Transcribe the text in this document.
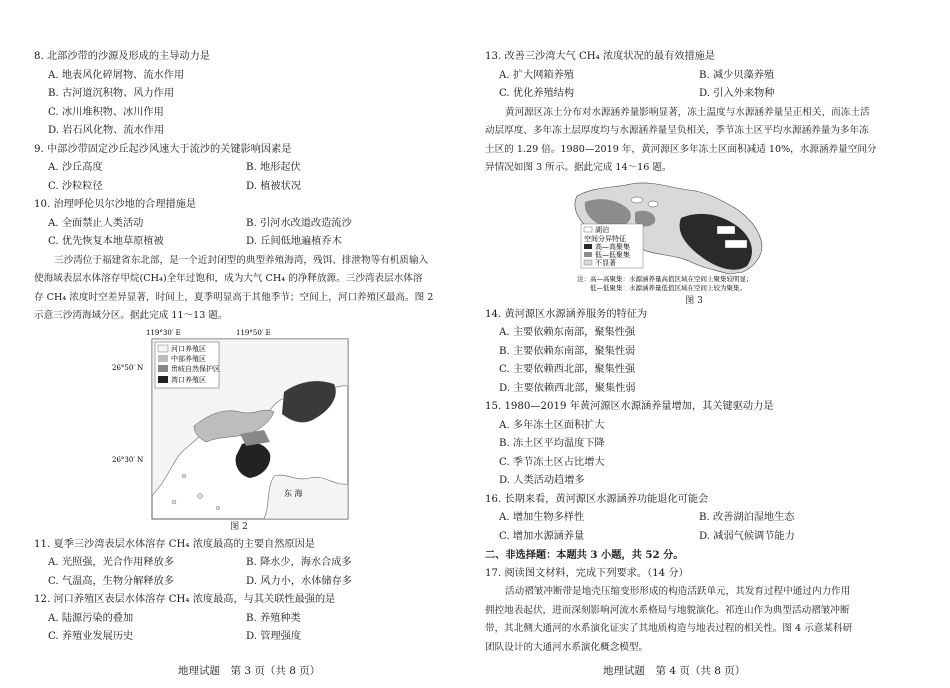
8. 北部沙带的沙源及形成的主导动力是
A. 地表风化碎屑物、流水作用
B. 古河道沉积物、风力作用
C. 冰川堆积物、冰川作用
D. 岩石风化物、流水作用
9. 中部沙带固定沙丘起沙风速大于流沙的关键影响因素是
A. 沙丘高度	B. 地形起伏
C. 沙粒粒径	D. 植被状况
10. 治理呼伦贝尔沙地的合理措施是
A. 全面禁止人类活动	B. 引河水改道改造流沙
C. 优先恢复本地草原植被	D. 丘间低地遍植乔木
三沙湾位于福建省东北部，是一个近封闭型的典型养殖海湾，残饵、排泄物等有机质输入
使海域表层水体溶存甲烷(CH₄)全年过饱和，成为大气 CH₄ 的净释放源。三沙湾表层水体溶
存 CH₄ 浓度时空差异显著，时间上，夏季明显高于其他季节；空间上，河口养殖区最高。图 2
示意三沙湾海域分区。据此完成 11～13 题。
119°30′ E	119°50′ E
26°50′ N
26°30′ N
东 海
河口养殖区
中部养殖区
贵岐自然保护区
湾口养殖区
图 2
11. 夏季三沙湾表层水体溶存 CH₄ 浓度最高的主要自然原因是
A. 光照强，光合作用释放多	B. 降水少，海水合成多
C. 气温高，生物分解释放多	D. 风力小，水体储存多
12. 河口养殖区表层水体溶存 CH₄ 浓度最高，与其关联性最强的是
A. 陆源污染的叠加	B. 养殖种类
C. 养殖业发展历史	D. 管理强度
地理试题　第 3 页（共 8 页）
13. 改善三沙湾大气 CH₄ 浓度状况的最有效措施是
A. 扩大网箱养殖	B. 减少贝藻养殖
C. 优化养殖结构	D. 引入外来物种
黄河源区冻土分布对水源涵养量影响显著，冻土温度与水源涵养量呈正相关，而冻土活
动层厚度、多年冻土层厚度均与水源涵养量呈负相关，季节冻土区平均水源涵养量为多年冻
土区的 1.29 倍。1980—2019 年，黄河源区多年冻土区面积减适 10%，水源涵养量空间分
异情况如图 3 所示。据此完成 14～16 题。
湖泊
空间分异特征
高—高聚集
低—低聚集
不显著
注：高—高聚集：水源涵养量高值区域在空间上聚集较明显；
　　低—低聚集：水源涵养量低值区域在空间上较为聚集。
图 3
14. 黄河源区水源涵养服务的特征为
A. 主要依赖东南部，聚集性强
B. 主要依赖东南部，聚集性弱
C. 主要依赖西北部，聚集性强
D. 主要依赖西北部，聚集性弱
15. 1980—2019 年黄河源区水源涵养量增加，其关键驱动力是
A. 多年冻土区面积扩大
B. 冻土区平均温度下降
C. 季节冻土区占比增大
D. 人类活动趋增多
16. 长期来看，黄河源区水源涵养功能退化可能会
A. 增加生物多样性	B. 改善湖泊湿地生态
C. 增加水源涵养量	D. 减弱气候调节能力
二、非选择题：本题共 3 小题，共 52 分。
17. 阅读图文材料，完成下列要求。（14 分）
活动褶皱冲断带是地壳压缩变形形成的构造活跃单元，其发育过程中通过内力作用
拥控地表起伏，进而深刻影响河流水系格局与地貌演化。祁连山作为典型活动褶皱冲断
带，其北侧大通河的水系演化证实了其地质构造与地表过程的相关性。图 4 示意某科研
团队设计的大通河水系演化概念模型。
地理试题　第 4 页（共 8 页）
